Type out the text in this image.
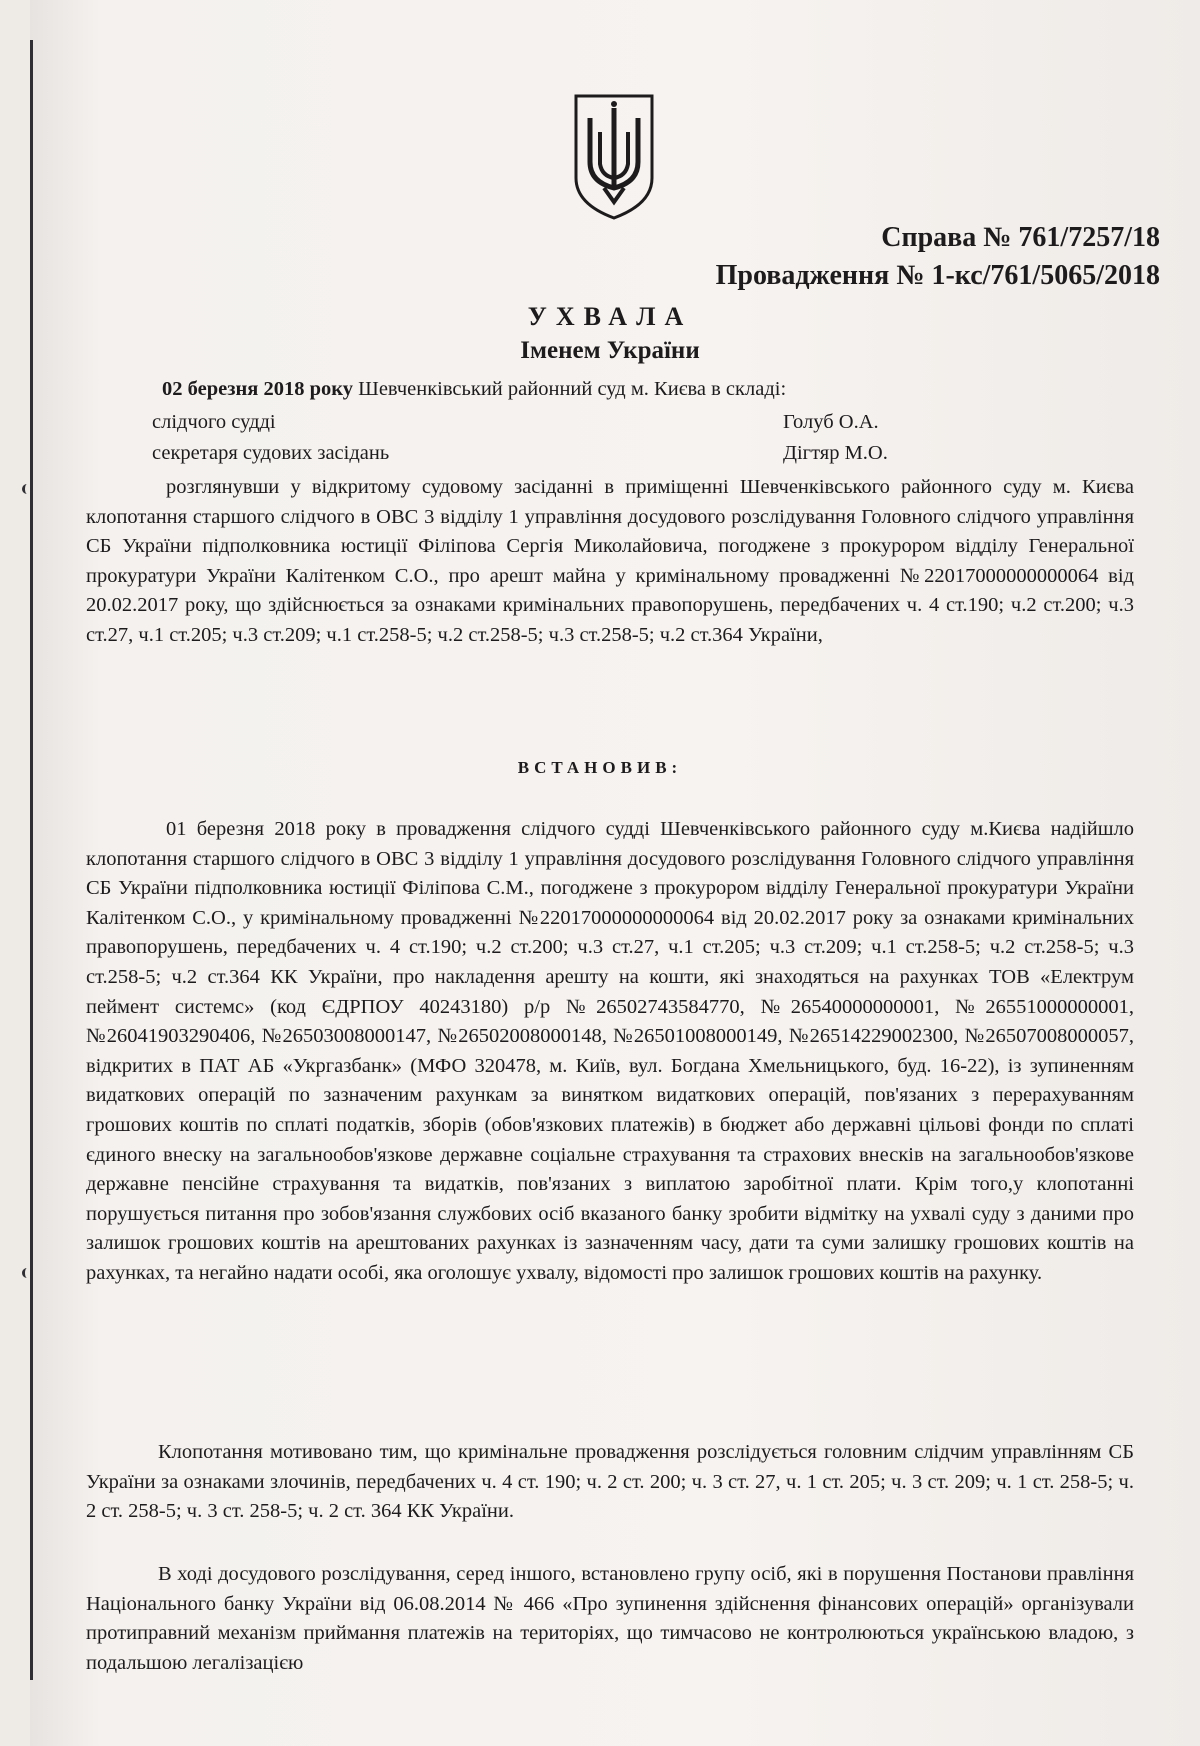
Справа № 761/7257/18
Провадження № 1-кс/761/5065/2018
УХВАЛА
Іменем України
02 березня 2018 року Шевченківський районний суд м. Києва в складі:
слідчого судді	Голуб О.А.
секретаря судових засідань	Дігтяр М.О.
розглянувши у відкритому судовому засіданні в приміщенні Шевченківського районного суду м. Києва клопотання старшого слідчого в ОВС 3 відділу 1 управління досудового розслідування Головного слідчого управління СБ України підполковника юстиції Філіпова Сергія Миколайовича, погоджене з прокурором відділу Генеральної прокуратури України Калітенком С.О., про арешт майна у кримінальному провадженні №22017000000000064 від 20.02.2017 року, що здійснюється за ознаками кримінальних правопорушень, передбачених ч. 4 ст.190; ч.2 ст.200; ч.3 ст.27, ч.1 ст.205; ч.3 ст.209; ч.1 ст.258-5; ч.2 ст.258-5; ч.3 ст.258-5; ч.2 ст.364 України,
ВСТАНОВИВ:
01 березня 2018 року в провадження слідчого судді Шевченківського районного суду м.Києва надійшло клопотання старшого слідчого в ОВС 3 відділу 1 управління досудового розслідування Головного слідчого управління СБ України підполковника юстиції Філіпова С.М., погоджене з прокурором відділу Генеральної прокуратури України Калітенком С.О., у кримінальному провадженні №22017000000000064 від 20.02.2017 року за ознаками кримінальних правопорушень, передбачених ч. 4 ст.190; ч.2 ст.200; ч.3 ст.27, ч.1 ст.205; ч.3 ст.209; ч.1 ст.258-5; ч.2 ст.258-5; ч.3 ст.258-5; ч.2 ст.364 КК України, про накладення арешту на кошти, які знаходяться на рахунках ТОВ «Електрум пеймент системс» (код ЄДРПОУ 40243180) р/р №26502743584770, №26540000000001, №26551000000001, №26041903290406, №26503008000147, №26502008000148, №26501008000149, №26514229002300, №26507008000057, відкритих в ПАТ АБ «Укргазбанк» (МФО 320478, м. Київ, вул. Богдана Хмельницького, буд. 16-22), із зупиненням видаткових операцій по зазначеним рахункам за винятком видаткових операцій, пов'язаних з перерахуванням грошових коштів по сплаті податків, зборів (обов'язкових платежів) в бюджет або державні цільові фонди по сплаті єдиного внеску на загальнообов'язкове державне соціальне страхування та страхових внесків на загальнообов'язкове державне пенсійне страхування та видатків, пов'язаних з виплатою заробітної плати. Крім того,у клопотанні порушується питання про зобов'язання службових осіб вказаного банку зробити відмітку на ухвалі суду з даними про залишок грошових коштів на арештованих рахунках із зазначенням часу, дати та суми залишку грошових коштів на рахунках, та негайно надати особі, яка оголошує ухвалу, відомості про залишок грошових коштів на рахунку.
Клопотання мотивовано тим, що кримінальне провадження розслідується головним слідчим управлінням СБ України за ознаками злочинів, передбачених ч. 4 ст. 190; ч. 2 ст. 200; ч. 3 ст. 27, ч. 1 ст. 205; ч. 3 ст. 209; ч. 1 ст. 258-5; ч. 2 ст. 258-5; ч. 3 ст. 258-5; ч. 2 ст. 364 КК України.
В ході досудового розслідування, серед іншого, встановлено групу осіб, які в порушення Постанови правління Національного банку України від 06.08.2014 № 466 «Про зупинення здійснення фінансових операцій» організували протиправний механізм приймання платежів на територіях, що тимчасово не контролюються українською владою, з подальшою легалізацією
